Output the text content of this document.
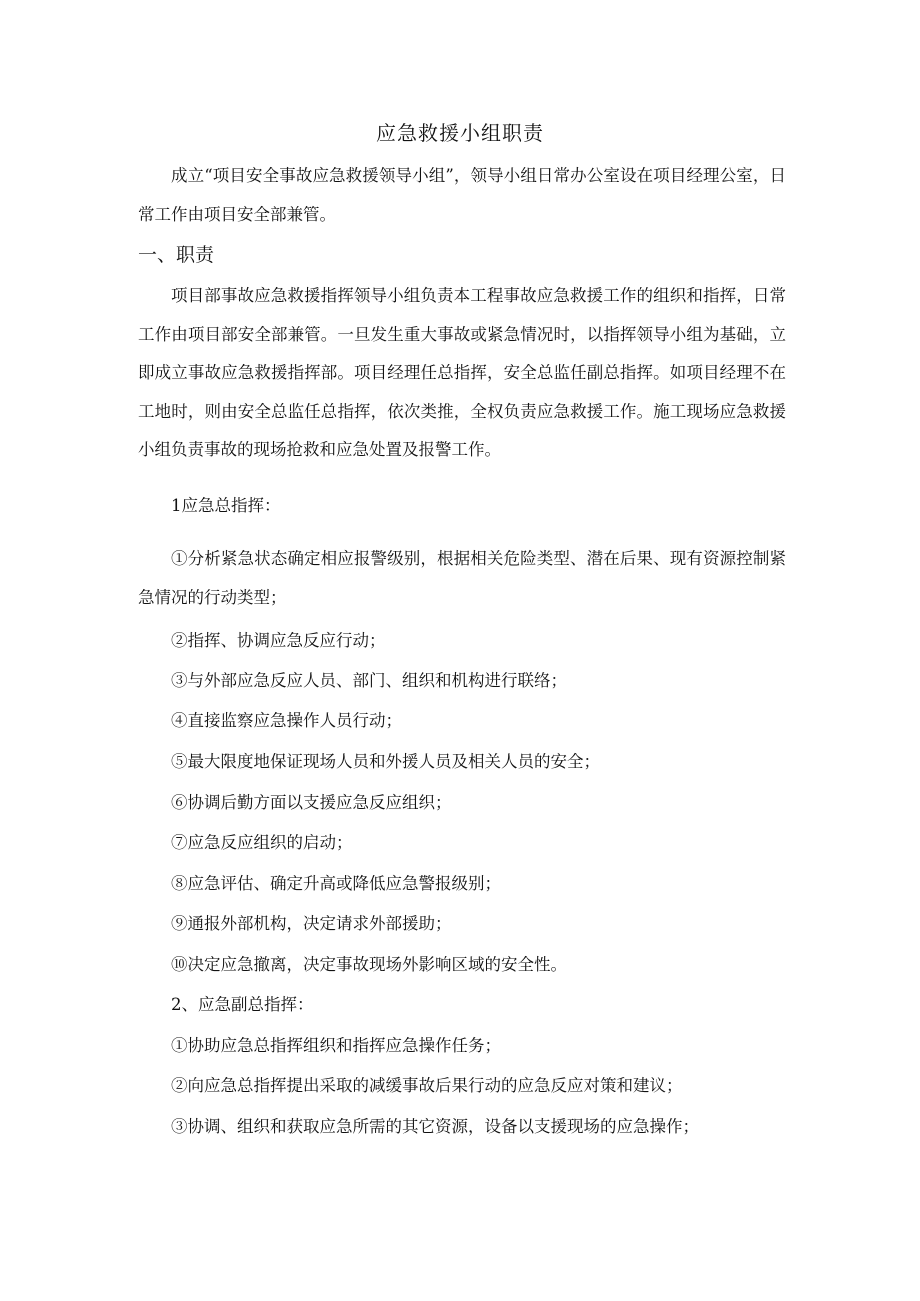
应急救援小组职责

成立“项目安全事故应急救援领导小组”，领导小组日常办公室设在项目经理公室，日常工作由项目安全部兼管。

一、职责

项目部事故应急救援指挥领导小组负责本工程事故应急救援工作的组织和指挥，日常工作由项目部安全部兼管。一旦发生重大事故或紧急情况时，以指挥领导小组为基础，立即成立事故应急救援指挥部。项目经理任总指挥，安全总监任副总指挥。如项目经理不在工地时，则由安全总监任总指挥，依次类推，全权负责应急救援工作。施工现场应急救援小组负责事故的现场抢救和应急处置及报警工作。

1应急总指挥：

①分析紧急状态确定相应报警级别，根据相关危险类型、潜在后果、现有资源控制紧急情况的行动类型；

②指挥、协调应急反应行动；
③与外部应急反应人员、部门、组织和机构进行联络；
④直接监察应急操作人员行动；
⑤最大限度地保证现场人员和外援人员及相关人员的安全；
⑥协调后勤方面以支援应急反应组织；
⑦应急反应组织的启动；
⑧应急评估、确定升高或降低应急警报级别；
⑨通报外部机构，决定请求外部援助；
⑩决定应急撤离，决定事故现场外影响区域的安全性。
2、应急副总指挥：
①协助应急总指挥组织和指挥应急操作任务；
②向应急总指挥提出采取的减缓事故后果行动的应急反应对策和建议；
③协调、组织和获取应急所需的其它资源，设备以支援现场的应急操作；
